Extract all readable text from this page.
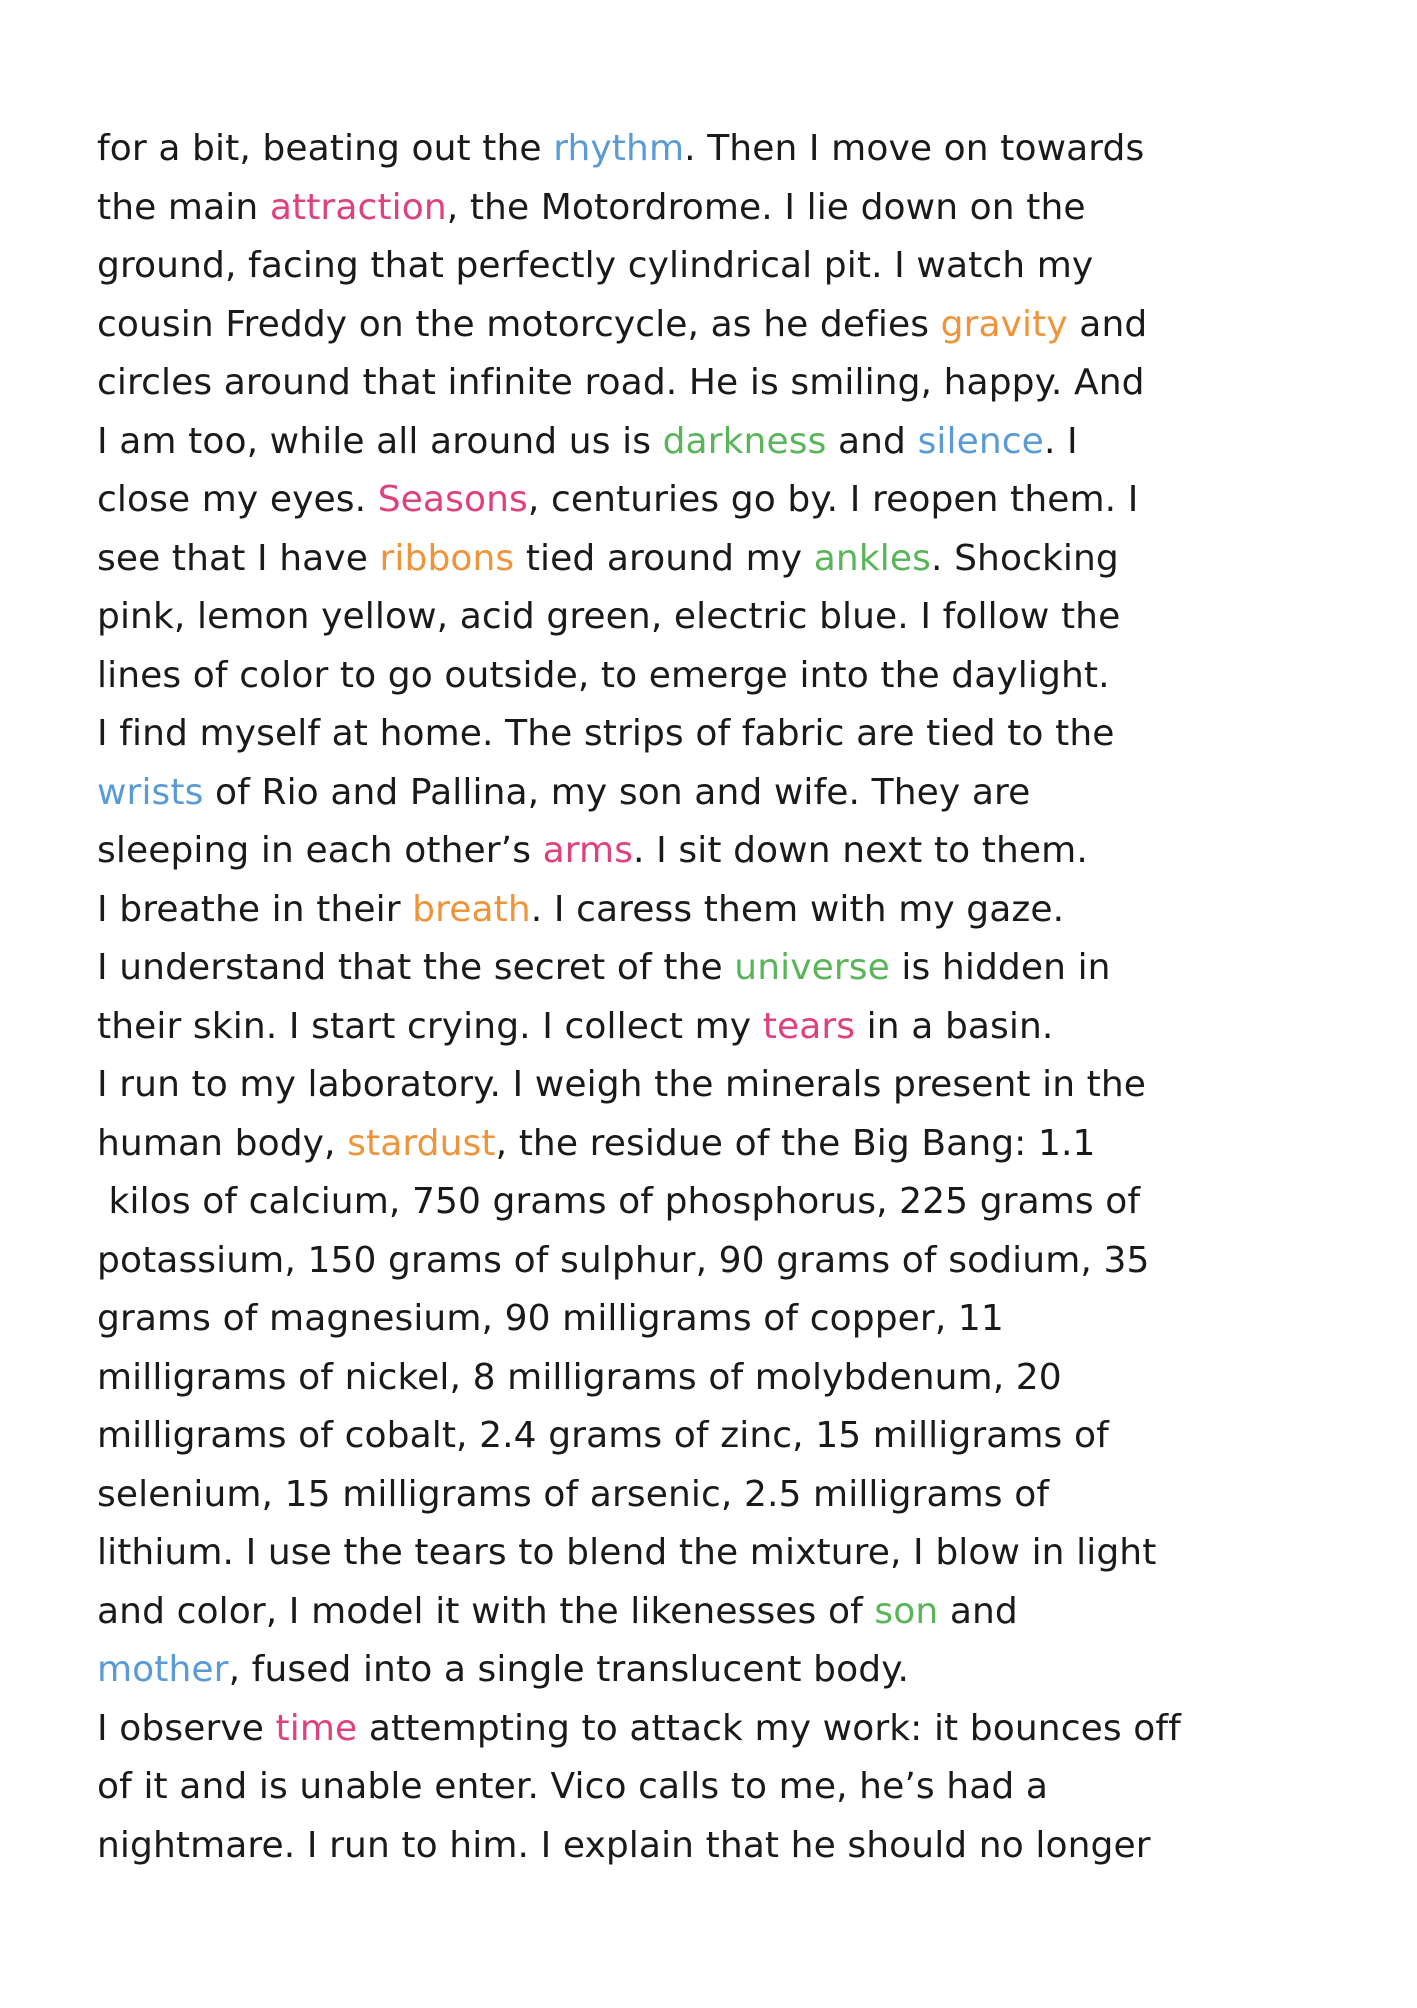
for a bit, beating out the rhythm. Then I move on towards
the main attraction, the Motordrome. I lie down on the
ground, facing that perfectly cylindrical pit. I watch my
cousin Freddy on the motorcycle, as he defies gravity and
circles around that infinite road. He is smiling, happy. And
I am too, while all around us is darkness and silence. I
close my eyes. Seasons, centuries go by. I reopen them. I
see that I have ribbons tied around my ankles. Shocking
pink, lemon yellow, acid green, electric blue. I follow the
lines of color to go outside, to emerge into the daylight.
I find myself at home. The strips of fabric are tied to the
wrists of Rio and Pallina, my son and wife. They are
sleeping in each other’s arms. I sit down next to them.
I breathe in their breath. I caress them with my gaze.
I understand that the secret of the universe is hidden in
their skin. I start crying. I collect my tears in a basin.
I run to my laboratory. I weigh the minerals present in the
human body, stardust, the residue of the Big Bang: 1.1
kilos of calcium, 750 grams of phosphorus, 225 grams of
potassium, 150 grams of sulphur, 90 grams of sodium, 35
grams of magnesium, 90 milligrams of copper, 11
milligrams of nickel, 8 milligrams of molybdenum, 20
milligrams of cobalt, 2.4 grams of zinc, 15 milligrams of
selenium, 15 milligrams of arsenic, 2.5 milligrams of
lithium. I use the tears to blend the mixture, I blow in light
and color, I model it with the likenesses of son and
mother, fused into a single translucent body.
I observe time attempting to attack my work: it bounces off
of it and is unable enter. Vico calls to me, he’s had a
nightmare. I run to him. I explain that he should no longer
